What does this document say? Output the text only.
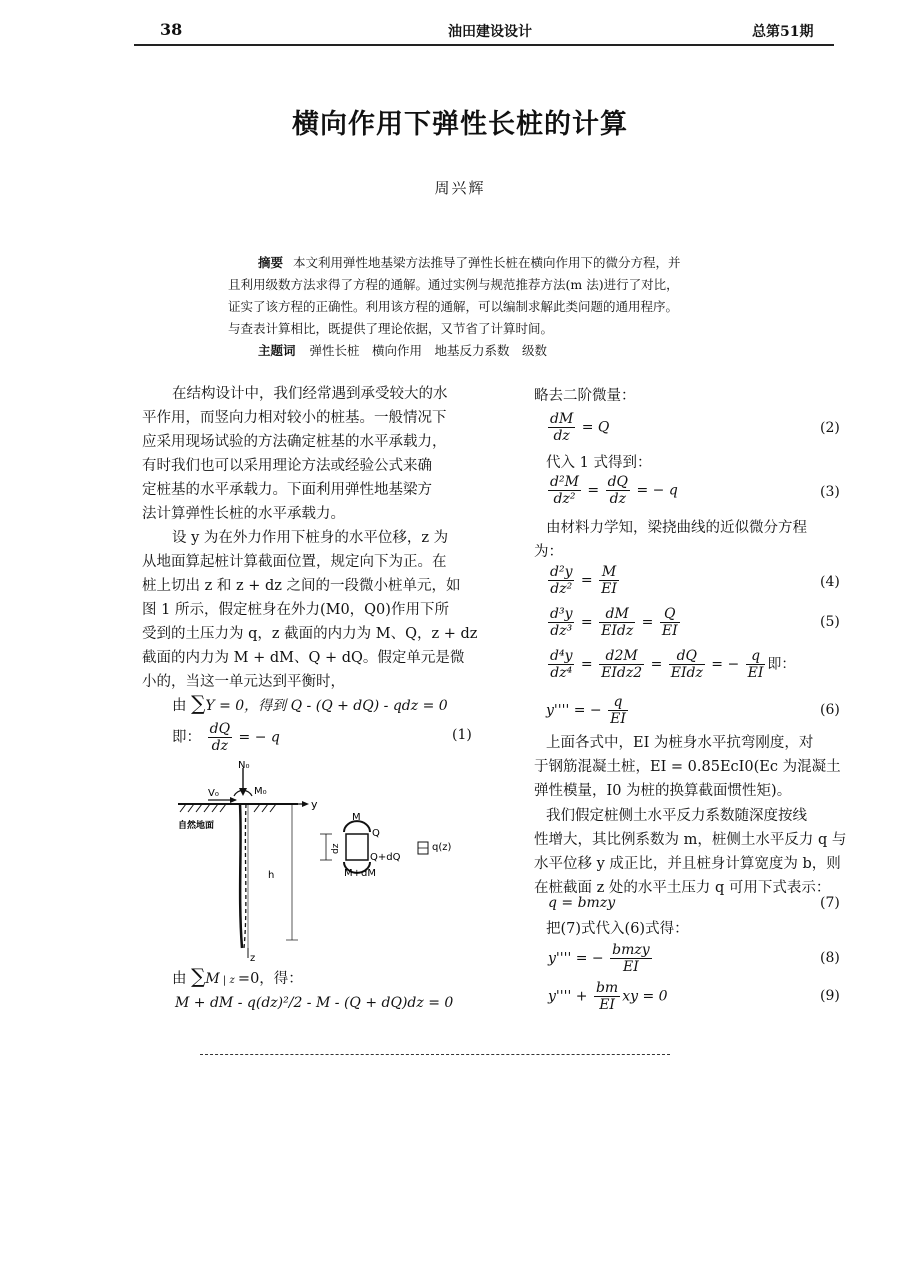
38	油田建设设计	总第51期
横向作用下弹性长桩的计算
周兴辉

摘要 本文利用弹性地基梁方法推导了弹性长桩在横向作用下的微分方程，并

且利用级数方法求得了方程的通解。通过实例与规范推荐方法(m 法)进行了对比，

证实了该方程的正确性。利用该方程的通解，可以编制求解此类问题的通用程序。

与查表计算相比，既提供了理论依据，又节省了计算时间。

主题词 弹性长桩　横向作用　地基反力系数　级数

在结构设计中，我们经常遇到承受较大的水

平作用，而竖向力相对较小的桩基。一般情况下

应采用现场试验的方法确定桩基的水平承载力，

有时我们也可以采用理论方法或经验公式来确

定桩基的水平承载力。下面利用弹性地基梁方

法计算弹性长桩的水平承载力。

设 y 为在外力作用下桩身的水平位移，z 为

从地面算起桩计算截面位置，规定向下为正。在

桩上切出 z 和 z + dz 之间的一段微小桩单元，如

图 1 所示，假定桩身在外力(M0，Q0)作用下所

受到的土压力为 q，z 截面的内力为 M、Q，z + dz

截面的内力为 M + dM、Q + dQ。假定单元是微

小的，当这一单元达到平衡时，

由 ∑Y = 0，得到 Q - (Q + dQ) - qdz = 0
即： $\frac{dQ}{dz}$ = − q	(1)
N₀
M₀
V₀
自然地面
y
z
h
dz
M
Q
Q+dQ
M+dM
q(z)
由 ∑M | z =0，得：
M + dM - q(dz)²/2 - M - (Q + dQ)dz = 0
略去二阶微量：
$\frac{dM}{dz} = Q$	(2)
代入 1 式得到：
$\frac{\text{d²M}}{\text{dz²}} = \frac{dQ}{dz}$ = − q	(3)
由材料力学知，梁挠曲线的近似微分方程
为：
$\frac{\text{d²y}}{\text{dz²}} = \frac{M}{EI}$	(4)
$\frac{\text{d³y}}{\text{dz³}} = \frac{dM}{\text{EIdz}} = \frac{Q}{EI}$	(5)
$\frac{\text{d⁴y}}{\text{dz⁴}} = \frac{d2M}{\text{EIdz2}} = \frac{dQ}{\text{EIdz}}$ = − $\frac{q}{EI}$ 即：
y'''' = − $\frac{q}{EI}$	(6)

上面各式中，EI 为桩身水平抗弯刚度，对

于钢筋混凝土桩，EI = 0.85EcI0(Ec 为混凝土

弹性模量，I0 为桩的换算截面惯性矩)。

我们假定桩侧土水平反力系数随深度按线

性增大，其比例系数为 m，桩侧土水平反力 q 与

水平位移 y 成正比，并且桩身计算宽度为 b，则

在桩截面 z 处的水平土压力 q 可用下式表示：

q = bmzy	(7)
把(7)式代入(6)式得：
y'''' = − $\frac{\text{bmzy}}{EI}$	(8)
$y'''' + \frac{bm}{EI}$ xy = 0	(9)
